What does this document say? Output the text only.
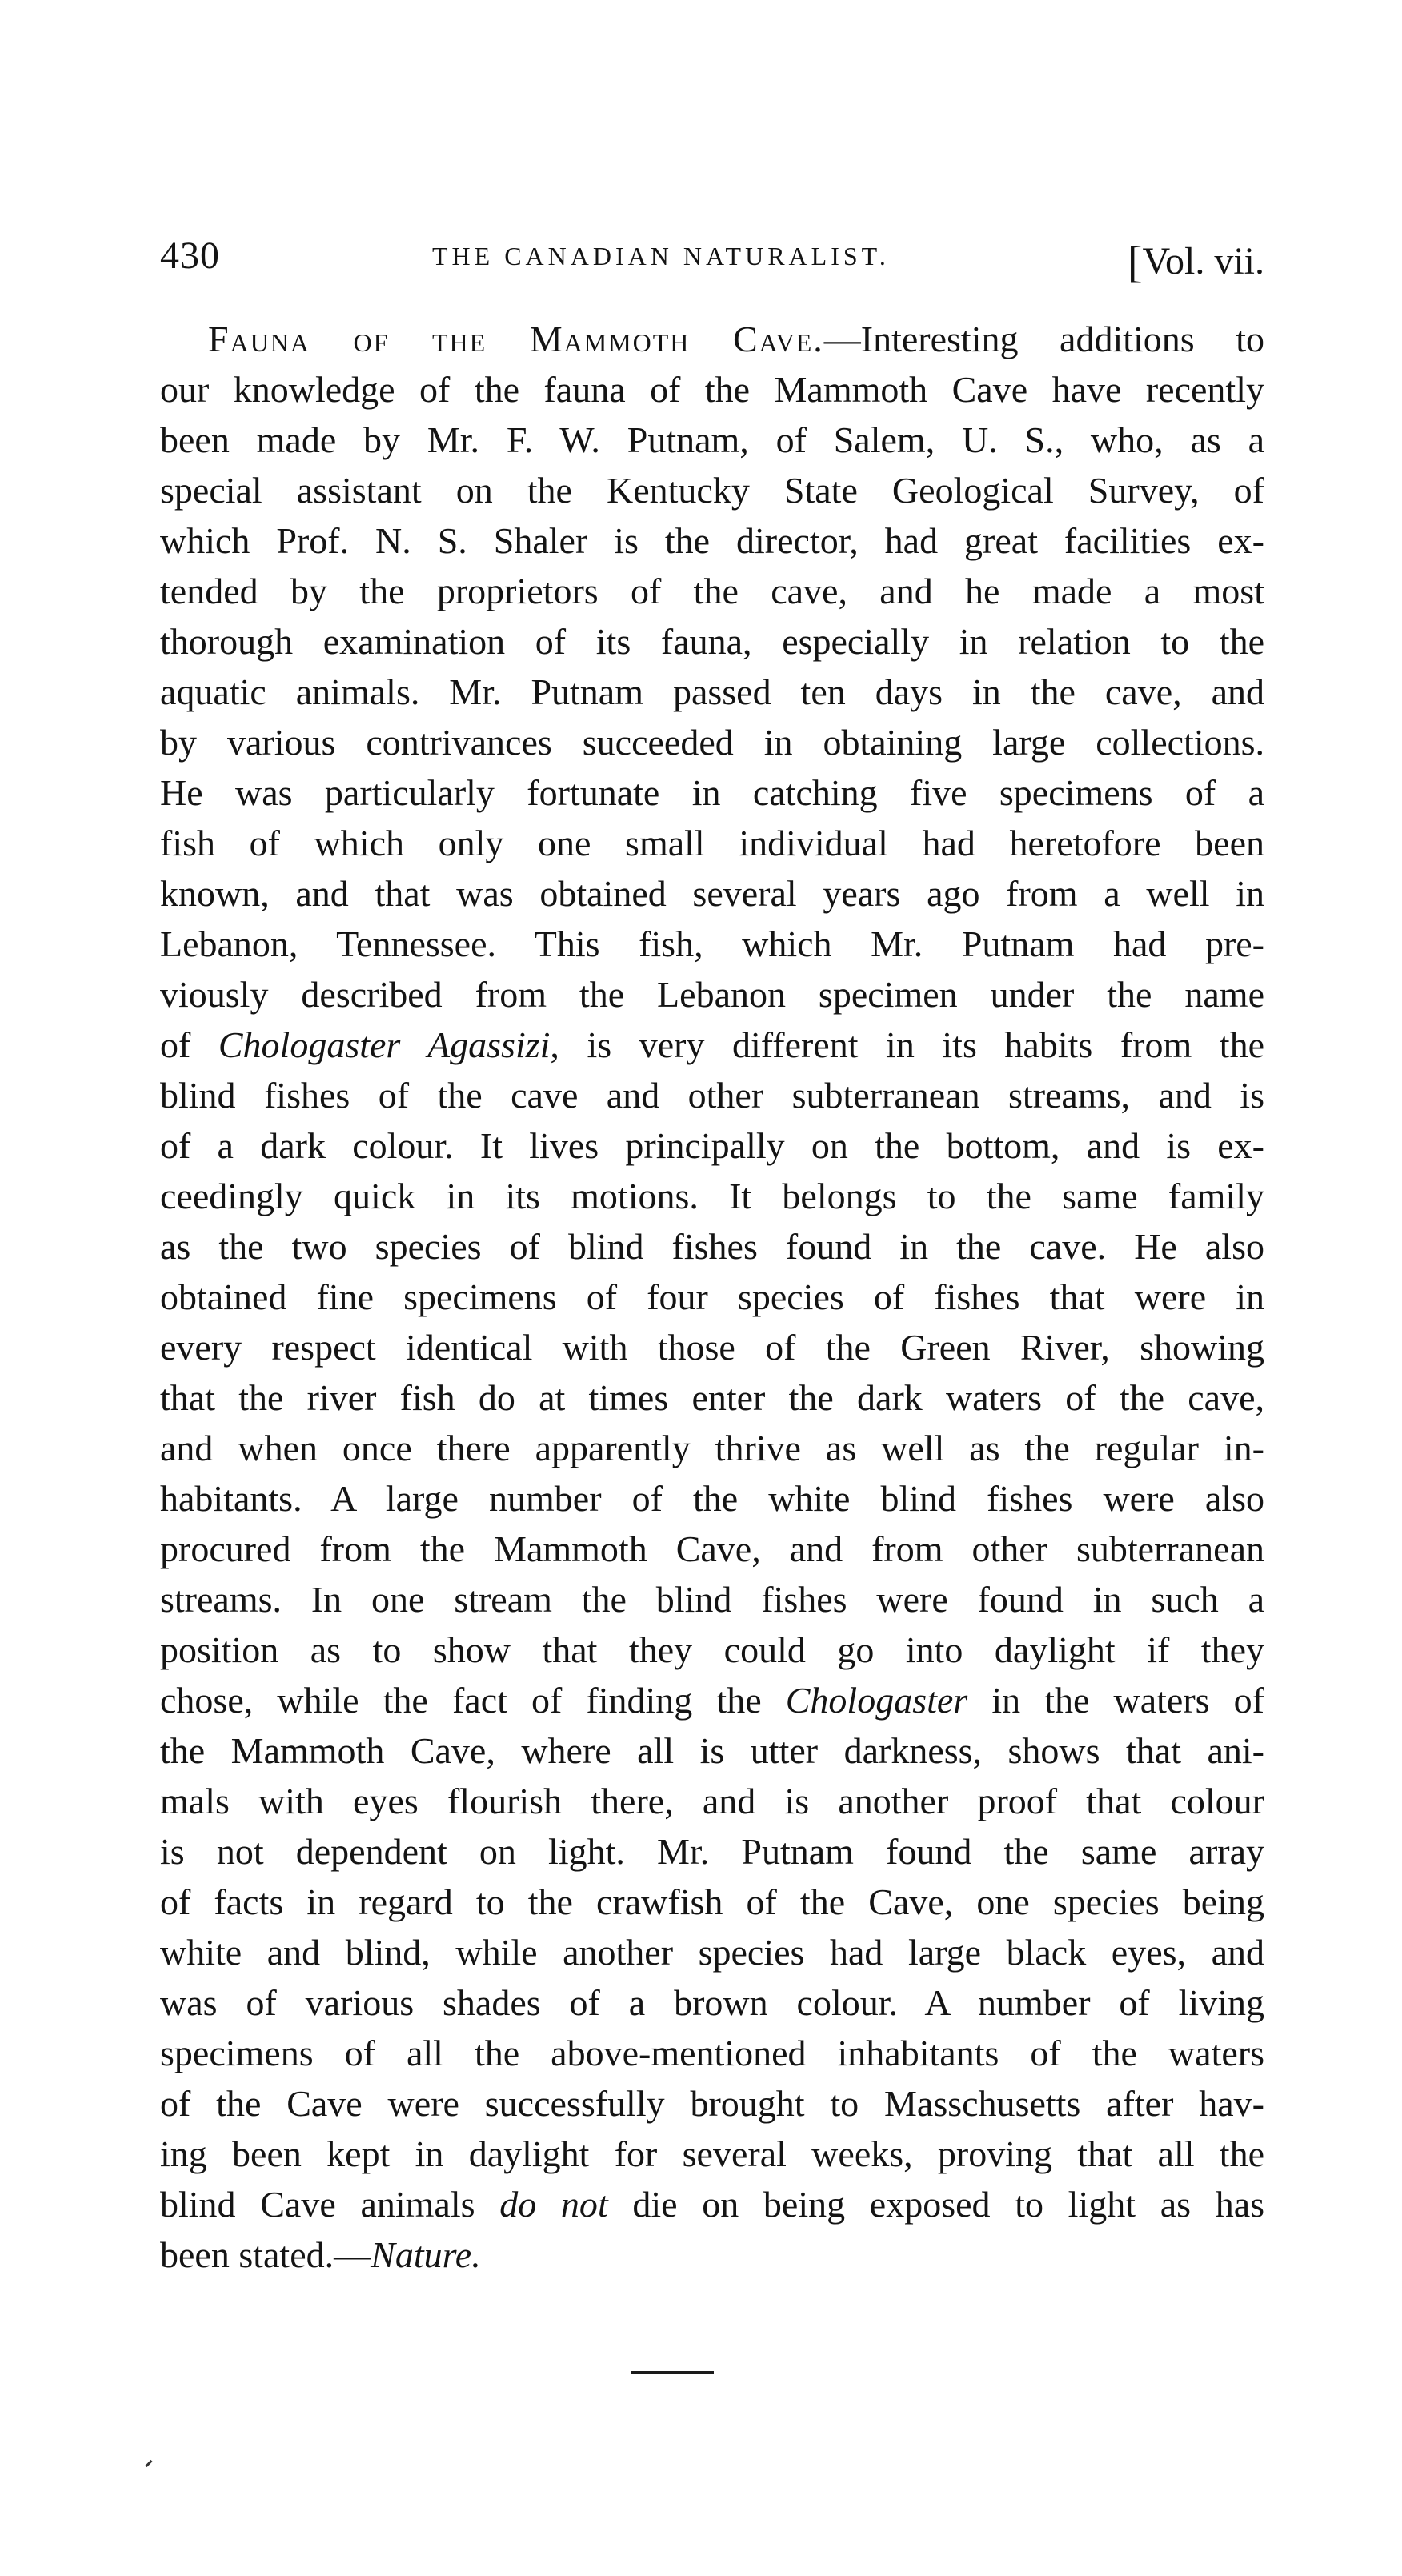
430	THE CANADIAN NATURALIST.	[Vol. vii.
Fauna of the Mammoth Cave.—Interesting additions to
our knowledge of the fauna of the Mammoth Cave have recently
been made by Mr. F. W. Putnam, of Salem, U. S., who, as a
special assistant on the Kentucky State Geological Survey, of
which Prof. N. S. Shaler is the director, had great facilities ex-
tended by the proprietors of the cave, and he made a most
thorough examination of its fauna, especially in relation to the
aquatic animals. Mr. Putnam passed ten days in the cave, and
by various contrivances succeeded in obtaining large collections.
He was particularly fortunate in catching five specimens of a
fish of which only one small individual had heretofore been
known, and that was obtained several years ago from a well in
Lebanon, Tennessee. This fish, which Mr. Putnam had pre-
viously described from the Lebanon specimen under the name
of Chologaster Agassizi, is very different in its habits from the
blind fishes of the cave and other subterranean streams, and is
of a dark colour. It lives principally on the bottom, and is ex-
ceedingly quick in its motions. It belongs to the same family
as the two species of blind fishes found in the cave. He also
obtained fine specimens of four species of fishes that were in
every respect identical with those of the Green River, showing
that the river fish do at times enter the dark waters of the cave,
and when once there apparently thrive as well as the regular in-
habitants. A large number of the white blind fishes were also
procured from the Mammoth Cave, and from other subterranean
streams. In one stream the blind fishes were found in such a
position as to show that they could go into daylight if they
chose, while the fact of finding the Chologaster in the waters of
the Mammoth Cave, where all is utter darkness, shows that ani-
mals with eyes flourish there, and is another proof that colour
is not dependent on light. Mr. Putnam found the same array
of facts in regard to the crawfish of the Cave, one species being
white and blind, while another species had large black eyes, and
was of various shades of a brown colour. A number of living
specimens of all the above-mentioned inhabitants of the waters
of the Cave were successfully brought to Masschusetts after hav-
ing been kept in daylight for several weeks, proving that all the
blind Cave animals do not die on being exposed to light as has
been stated.—Nature.
